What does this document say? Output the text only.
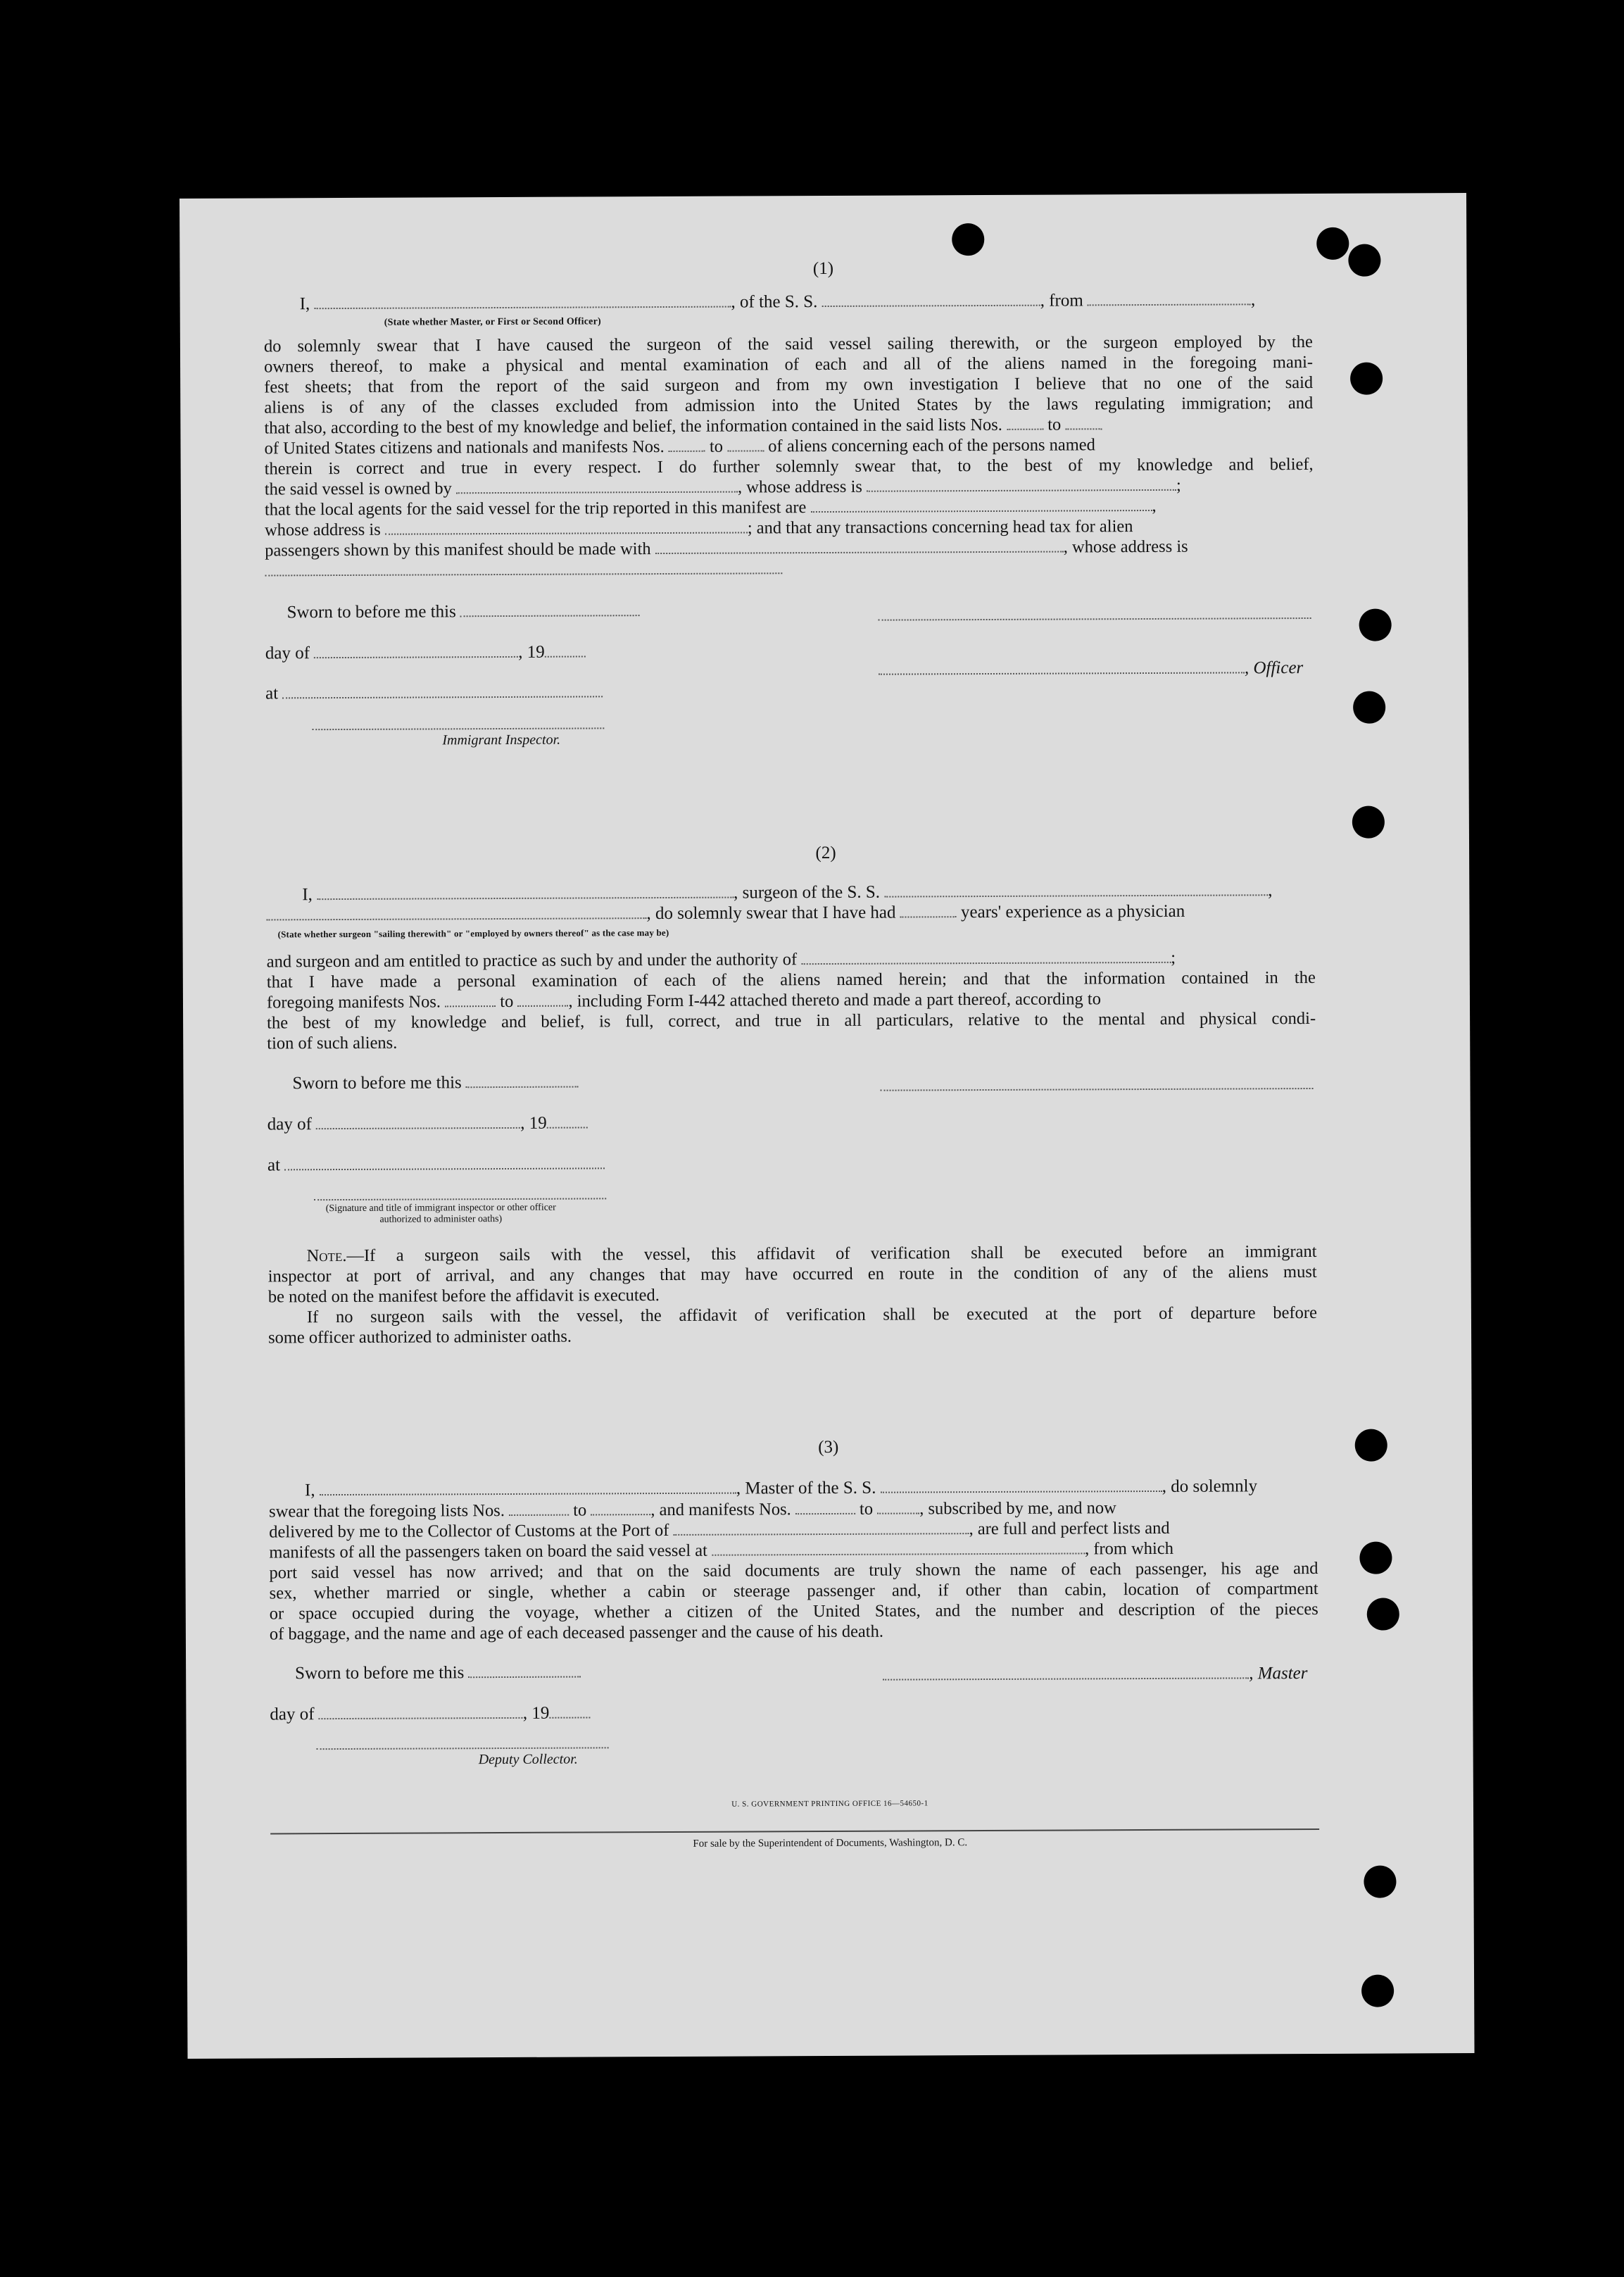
(1)
I,	, of the S. S.	, from	,
(State whether Master, or First or Second Officer)
do solemnly swear that I have caused the surgeon of the said vessel sailing therewith, or the surgeon employed by the
owners thereof, to make a physical and mental examination of each and all of the aliens named in the foregoing mani-
fest sheets; that from the report of the said surgeon and from my own investigation I believe that no one of the said
aliens is of any of the classes excluded from admission into the United States by the laws regulating immigration; and
that also, according to the best of my knowledge and belief, the information contained in the said lists Nos.	to
of United States citizens and nationals and manifests Nos.	to	of aliens concerning each of the persons named
therein is correct and true in every respect. I do further solemnly swear that, to the best of my knowledge and belief,
the said vessel is owned by	, whose address is	;
that the local agents for the said vessel for the trip reported in this manifest are	,
whose address is	; and that any transactions concerning head tax for alien
passengers shown by this manifest should be made with	, whose address is
Sworn to before me this
day of	, 19
, Officer
at
Immigrant Inspector.
(2)
I,	, surgeon of the S. S.	,
, do solemnly swear that I have had	years' experience as a physician
(State whether surgeon "sailing therewith" or "employed by owners thereof" as the case may be)
and surgeon and am entitled to practice as such by and under the authority of	;
that I have made a personal examination of each of the aliens named herein; and that the information contained in the
foregoing manifests Nos.	to	, including Form I-442 attached thereto and made a part thereof, according to
the best of my knowledge and belief, is full, correct, and true in all particulars, relative to the mental and physical condi-
tion of such aliens.
Sworn to before me this
day of	, 19
at
(Signature and title of immigrant inspector or other officer authorized to administer oaths)
Note.—If a surgeon sails with the vessel, this affidavit of verification shall be executed before an immigrant
inspector at port of arrival, and any changes that may have occurred en route in the condition of any of the aliens must
be noted on the manifest before the affidavit is executed.
If no surgeon sails with the vessel, the affidavit of verification shall be executed at the port of departure before
some officer authorized to administer oaths.
(3)
I,	, Master of the S. S.	, do solemnly
swear that the foregoing lists Nos.	to	, and manifests Nos.	to	, subscribed by me, and now
delivered by me to the Collector of Customs at the Port of	, are full and perfect lists and
manifests of all the passengers taken on board the said vessel at	, from which
port said vessel has now arrived; and that on the said documents are truly shown the name of each passenger, his age and
sex, whether married or single, whether a cabin or steerage passenger and, if other than cabin, location of compartment
or space occupied during the voyage, whether a citizen of the United States, and the number and description of the pieces
of baggage, and the name and age of each deceased passenger and the cause of his death.
Sworn to before me this	, Master
day of	, 19
Deputy Collector.
U. S. GOVERNMENT PRINTING OFFICE 16—54650-1
For sale by the Superintendent of Documents, Washington, D. C.
